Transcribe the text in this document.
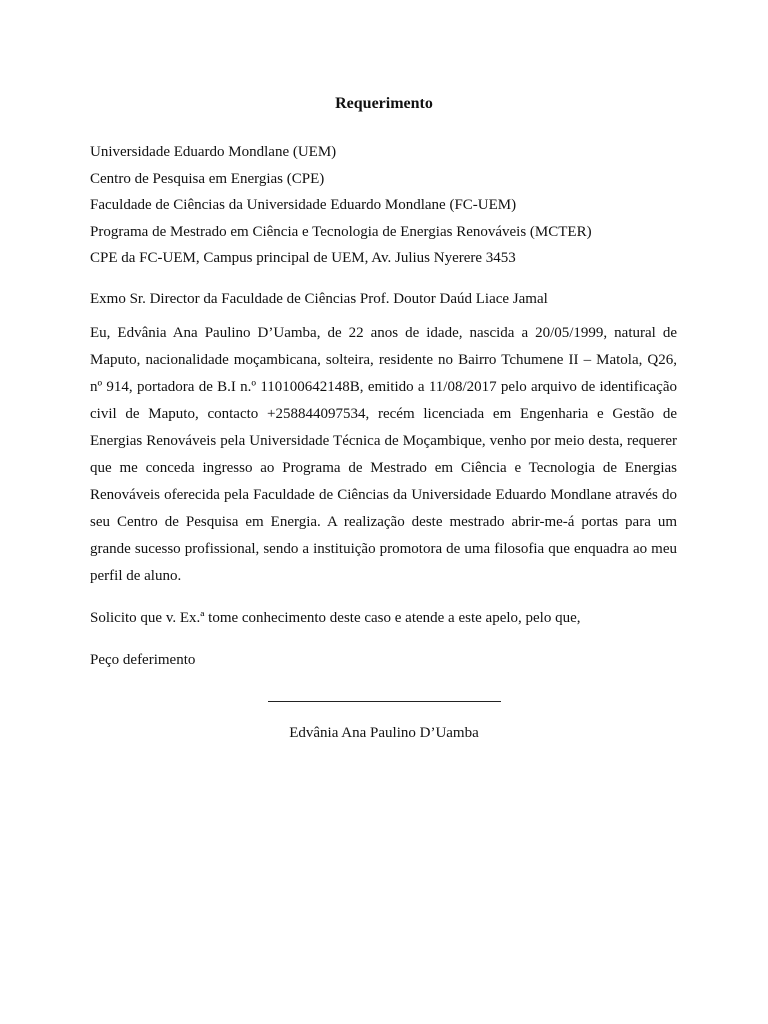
Requerimento
Universidade Eduardo Mondlane (UEM)
Centro de Pesquisa em Energias (CPE)
Faculdade de Ciências da Universidade Eduardo Mondlane (FC-UEM)
Programa de Mestrado em Ciência e Tecnologia de Energias Renováveis (MCTER)
CPE da FC-UEM, Campus principal de UEM, Av. Julius Nyerere 3453
Exmo Sr. Director da Faculdade de Ciências Prof. Doutor Daúd Liace Jamal
Eu, Edvânia Ana Paulino D’Uamba, de 22 anos de idade, nascida a 20/05/1999, natural de Maputo, nacionalidade moçambicana, solteira, residente no Bairro Tchumene II – Matola, Q26, nº 914, portadora de B.I n.º 110100642148B, emitido a 11/08/2017 pelo arquivo de identificação civil de Maputo, contacto +258844097534, recém licenciada em Engenharia e Gestão de Energias Renováveis pela Universidade Técnica de Moçambique, venho por meio desta, requerer que me conceda ingresso ao Programa de Mestrado em Ciência e Tecnologia de Energias Renováveis oferecida pela Faculdade de Ciências da Universidade Eduardo Mondlane através do seu Centro de Pesquisa em Energia. A realização deste mestrado abrir-me-á portas para um grande sucesso profissional, sendo a instituição promotora de uma filosofia que enquadra ao meu perfil de aluno.
Solicito que v. Ex.ª tome conhecimento deste caso e atende a este apelo, pelo que,
Peço deferimento
Edvânia Ana Paulino D’Uamba
